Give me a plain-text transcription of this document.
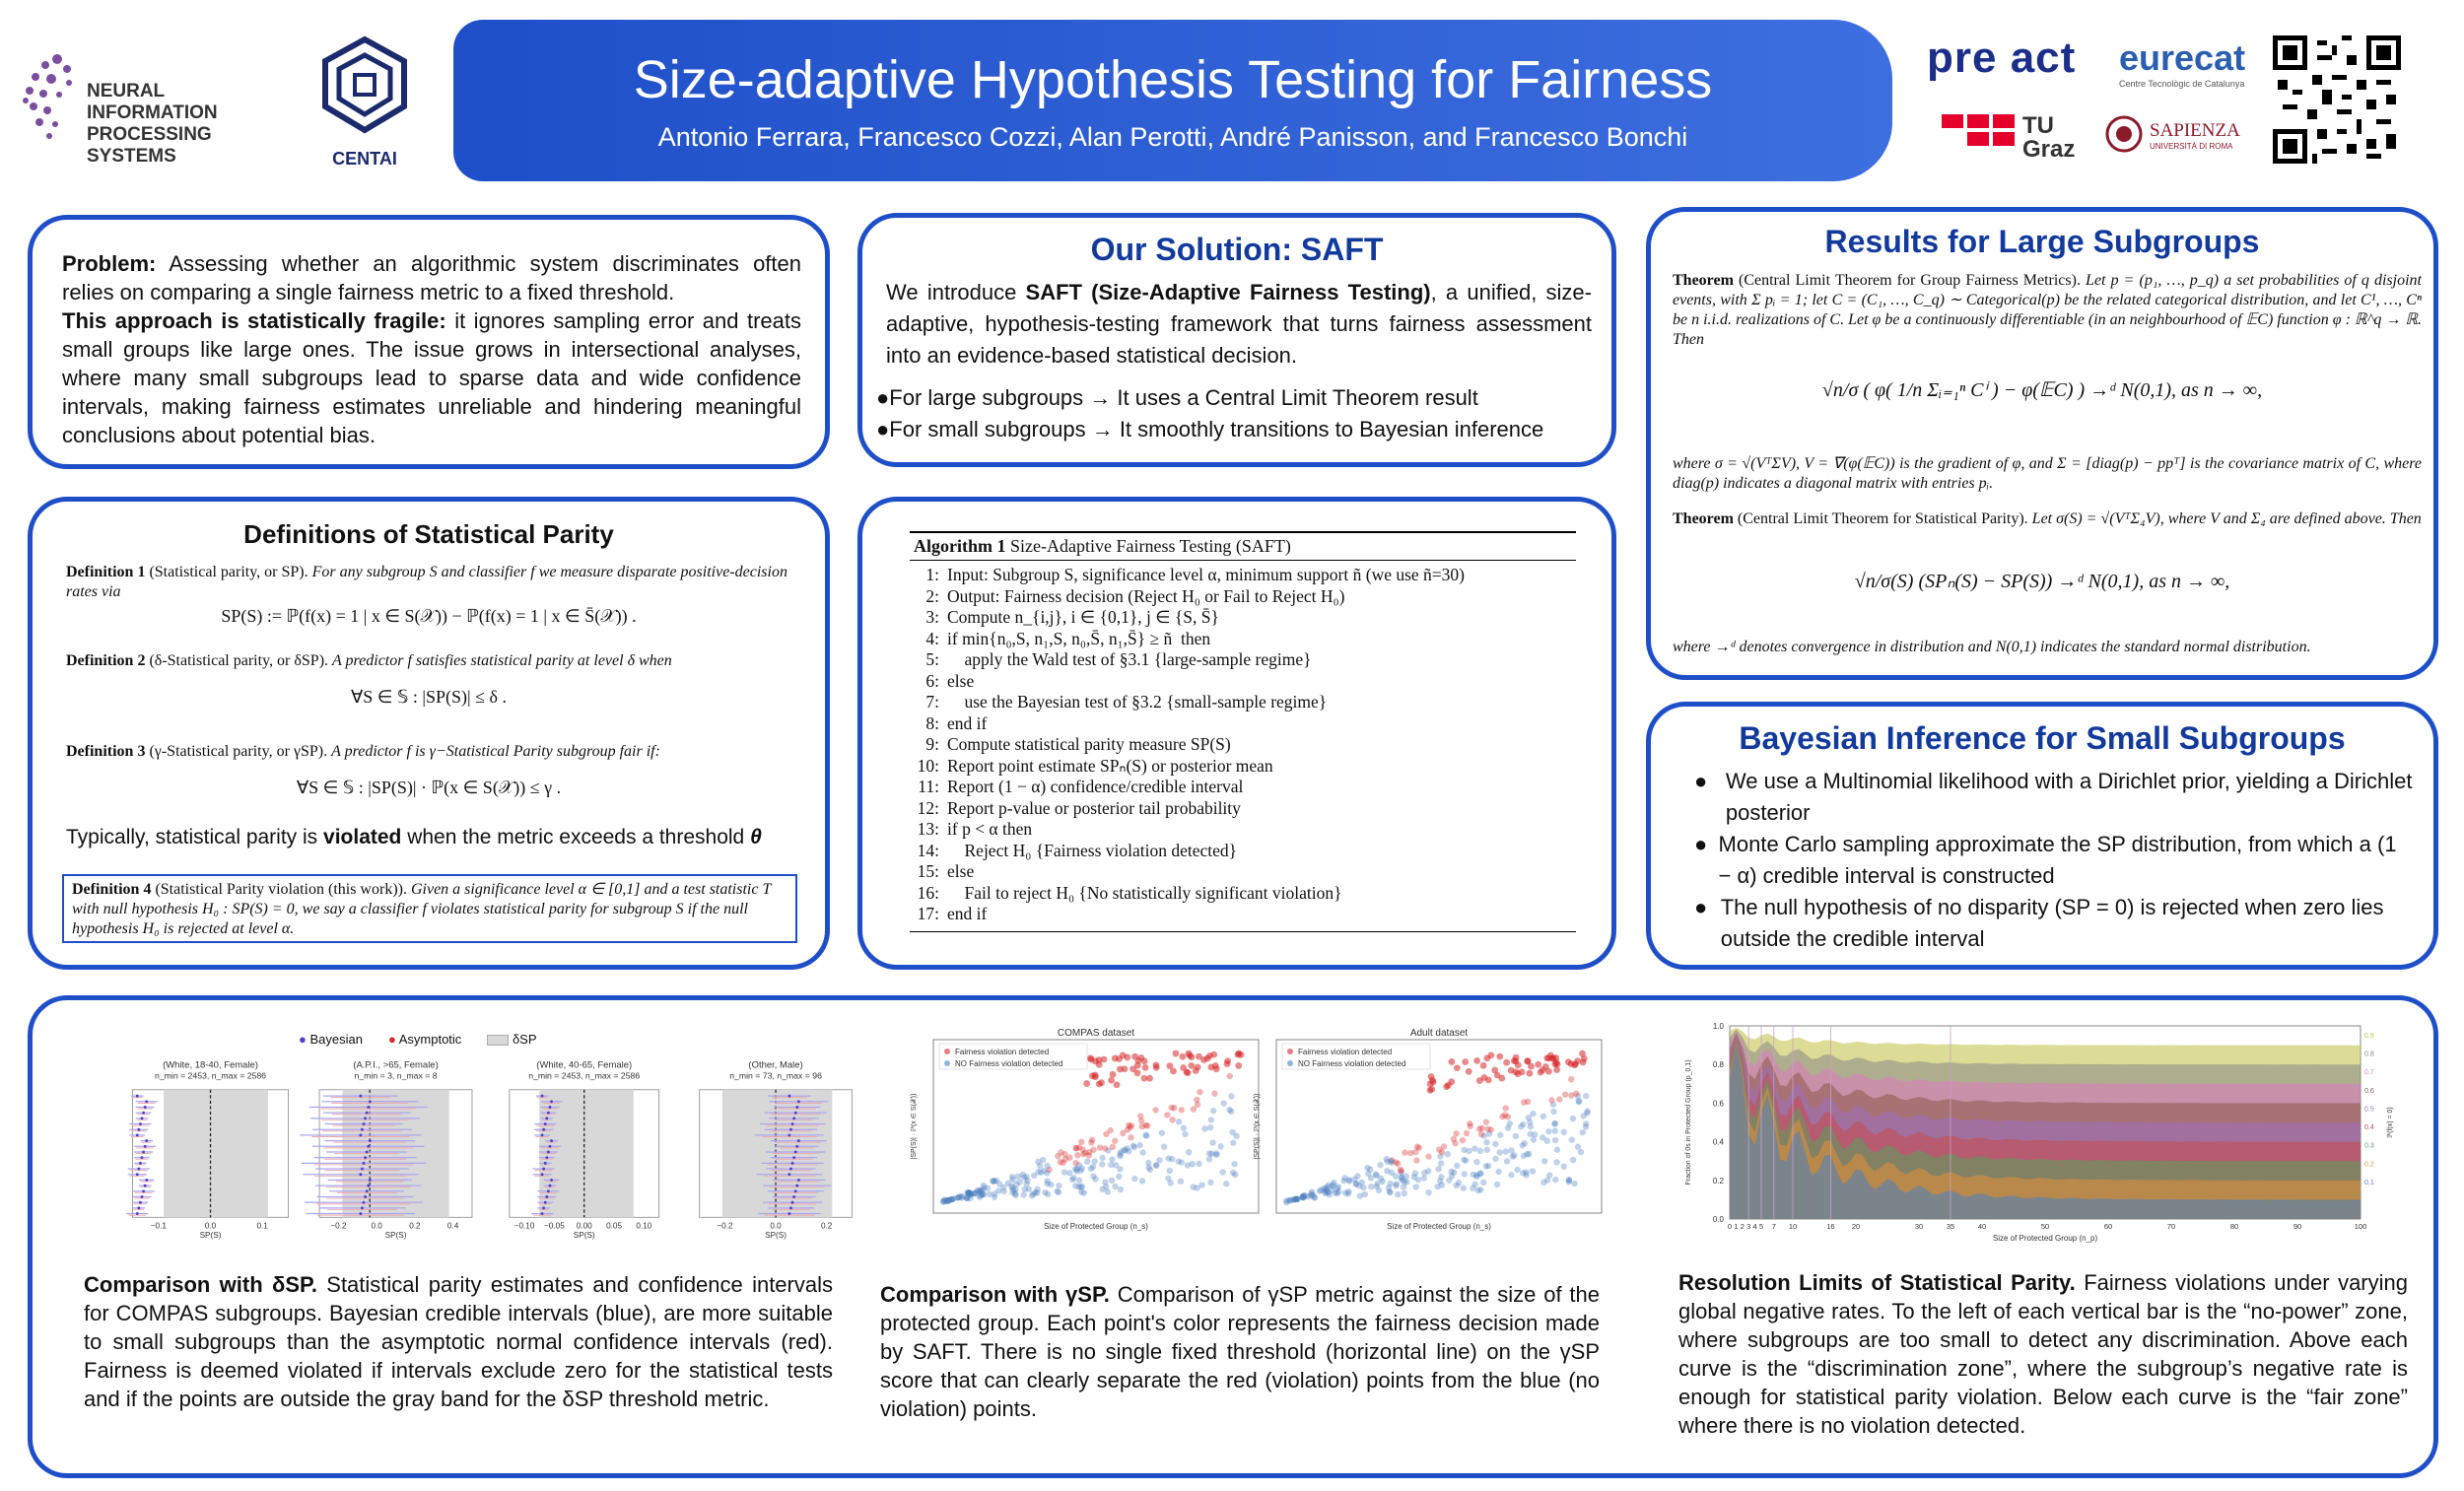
NEURAL INFORMATION PROCESSING SYSTEMS	CENTAI
Size-adaptive Hypothesis Testing for Fairness
Antonio Ferrara, Francesco Cozzi, Alan Perotti, André Panisson, and Francesco Bonchi
pre act eurecat
Centre Tecnològic de Catalunya
TU Graz
SAPIENZA
UNIVERSITÀ DI ROMA
Problem: Assessing whether an algorithmic system discriminates often relies on comparing a single fairness metric to a fixed threshold.
This approach is statistically fragile: it ignores sampling error and treats small groups like large ones. The issue grows in intersectional analyses, where many small subgroups lead to sparse data and wide confidence intervals, making fairness estimates unreliable and hindering meaningful conclusions about potential bias.
Our Solution: SAFT
We introduce SAFT (Size-Adaptive Fairness Testing), a unified, size-adaptive, hypothesis-testing framework that turns fairness assessment into an evidence-based statistical decision.
●For large subgroups → It uses a Central Limit Theorem result
●For small subgroups → It smoothly transitions to Bayesian inference
Results for Large Subgroups
Theorem (Central Limit Theorem for Group Fairness Metrics). Let p = (p₁, …, p_q) a set probabilities of q disjoint events, with Σ pᵢ = 1; let C = (C₁, …, C_q) ∼ Categorical(p) be the related categorical distribution, and let C¹, …, Cⁿ be n i.i.d. realizations of C. Let φ be a continuously differentiable (in an neighbourhood of 𝔼C) function φ : ℝ^q → ℝ. Then
√n/σ ( φ( 1/n Σᵢ₌₁ⁿ Cⁱ ) − φ(𝔼C) ) →ᵈ N(0,1), as n → ∞,
where σ = √(VᵀΣV), V = ∇(φ(𝔼C)) is the gradient of φ, and Σ = [diag(p) − ppᵀ] is the covariance matrix of C, where diag(p) indicates a diagonal matrix with entries pᵢ.
Theorem (Central Limit Theorem for Statistical Parity). Let σ(S) = √(VᵀΣ₄V), where V and Σ₄ are defined above. Then
√n/σ(S) (SPₙ(S) − SP(S)) →ᵈ N(0,1), as n → ∞,
where →ᵈ denotes convergence in distribution and N(0,1) indicates the standard normal distribution.
Definitions of Statistical Parity
Definition 1 (Statistical parity, or SP). For any subgroup S and classifier f we measure disparate positive-decision rates via
SP(S) := ℙ(f(x) = 1 | x ∈ S(𝒳)) − ℙ(f(x) = 1 | x ∈ S̄(𝒳)) .
Definition 2 (δ-Statistical parity, or δSP). A predictor f satisfies statistical parity at level δ when
∀S ∈ 𝕊 : |SP(S)| ≤ δ .
Definition 3 (γ-Statistical parity, or γSP). A predictor f is γ−Statistical Parity subgroup fair if:
∀S ∈ 𝕊 : |SP(S)| · ℙ(x ∈ S(𝒳)) ≤ γ .
Typically, statistical parity is violated when the metric exceeds a threshold θ
Definition 4 (Statistical Parity violation (this work)). Given a significance level α ∈ [0,1] and a test statistic T with null hypothesis H₀ : SP(S) = 0, we say a classifier f violates statistical parity for subgroup S if the null hypothesis H₀ is rejected at level α.
Algorithm 1 Size-Adaptive Fairness Testing (SAFT)
1: Input: Subgroup S, significance level α, minimum support ñ (we use ñ=30)
2: Output: Fairness decision (Reject H₀ or Fail to Reject H₀)
3: Compute n_{i,j}, i ∈ {0,1}, j ∈ {S, S̄}
4: if min{n₀,S, n₁,S, n₀,S̄, n₁,S̄} ≥ ñ  then
5: apply the Wald test of §3.1 {large-sample regime}
6: else
7: use the Bayesian test of §3.2 {small-sample regime}
8: end if
9: Compute statistical parity measure SP(S)
10: Report point estimate SPₙ(S) or posterior mean
11: Report (1 − α) confidence/credible interval
12: Report p-value or posterior tail probability
13: if p < α then
14: Reject H₀ {Fairness violation detected}
15: else
16: Fail to reject H₀ {No statistically significant violation}
17: end if
Bayesian Inference for Small Subgroups
● We use a Multinomial likelihood with a Dirichlet prior, yielding a Dirichlet posterior
● Monte Carlo sampling approximate the SP distribution, from which a (1 − α) credible interval is constructed
● The null hypothesis of no disparity (SP = 0) is rejected when zero lies outside the credible interval
● Bayesian ● Asymptotic	δSP
(White, 18-40, Female)
n_min = 2453, n_max = 2586
−0.1	0.0	0.1
SP(S)
(A.P.I., >65, Female)
n_min = 3, n_max = 8
−0.2	0.0	0.2	0.4
SP(S)
(White, 40-65, Female)
n_min = 2453, n_max = 2586
−0.10 −0.05 0.00	0.05	0.10
SP(S)
(Other, Male)
n_min = 73, n_max = 96
−0.2	0.0	0.2
SP(S)
Comparison with δSP. Statistical parity estimates and confidence intervals for COMPAS subgroups. Bayesian credible intervals (blue), are more suitable to small subgroups than the asymptotic normal confidence intervals (red). Fairness is deemed violated if intervals exclude zero for the statistical tests and if the points are outside the gray band for the δSP threshold metric.
COMPAS dataset
Fairness violation detected
NO Fairness violation detected
Size of Protected Group (n_s)
|SP(S)| · ℙ(x ∈ S(𝒳))
Adult dataset
Fairness violation detected
NO Fairness violation detected
Size of Protected Group (n_s)
|SP(S)| · ℙ(x ∈ S(𝒳))
Comparison with γSP. Comparison of γSP metric against the size of the protected group. Each point's color represents the fairness decision made by SAFT. There is no single fixed threshold (horizontal line) on the γSP score that can clearly separate the red (violation) points from the blue (no violation) points.
0.0
0.2
0.4
0.6
0.8
1.0
0.9
0.8
0.7
0.6
0.5
0.4
0.3
0.2
0.1
0 1 2 3 4 5 7 10	16 20	30	35	40	50	60	70	80	90	100
Size of Protected Group (n_p)
Fraction of 0s in Protected Group (p_0,1)	ℙ(f(x) = 0)
Resolution Limits of Statistical Parity. Fairness violations under varying global negative rates. To the left of each vertical bar is the “no-power” zone, where subgroups are too small to detect any discrimination. Above each curve is the “discrimination zone”, where the subgroup’s negative rate is enough for statistical parity violation. Below each curve is the “fair zone” where there is no violation detected.
